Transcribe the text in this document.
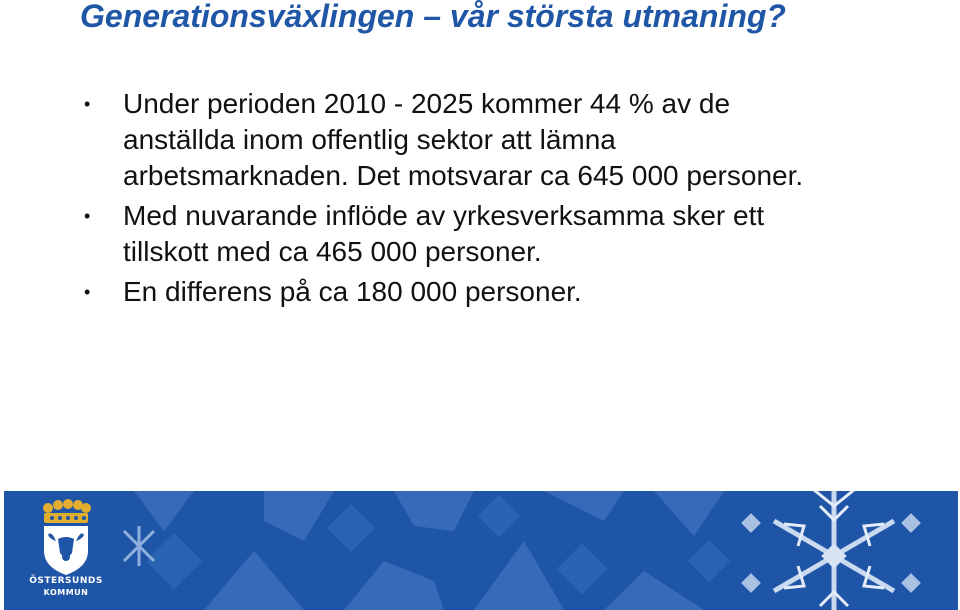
Generationsväxlingen – vår största utmaning?
• Under perioden 2010 - 2025 kommer 44 % av de anställda inom offentlig sektor att lämna arbetsmarknaden. Det motsvarar ca 645 000 personer.
• Med nuvarande inflöde av yrkesverksamma sker ett tillskott med ca 465 000 personer.
• En differens på ca 180 000 personer.
ÖSTERSUNDS
KOMMUN
